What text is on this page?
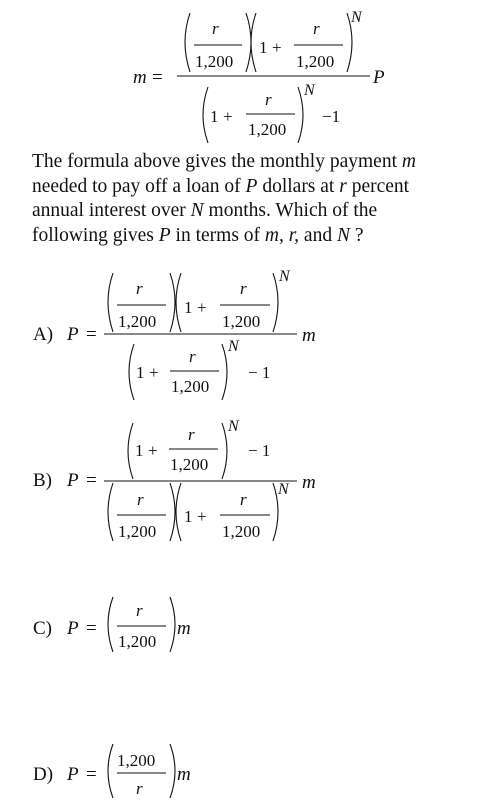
m =
r
1,200
1 +
r
1,200
N
P
1 +
r
1,200
N
−1
A) P =
r
1,200
1 +
r
1,200
N
m
1 +
r
1,200
N
− 1
B) P =
1 +
r
1,200
N
− 1
m
r
1,200
1 +
r
1,200
N
C) P =
r
1,200
m
D) P =
1,200
r
m

The formula above gives the monthly payment m

needed to pay off a loan of P dollars at r percent

annual interest over N months. Which of the

following gives P in terms of m, r, and N ?
